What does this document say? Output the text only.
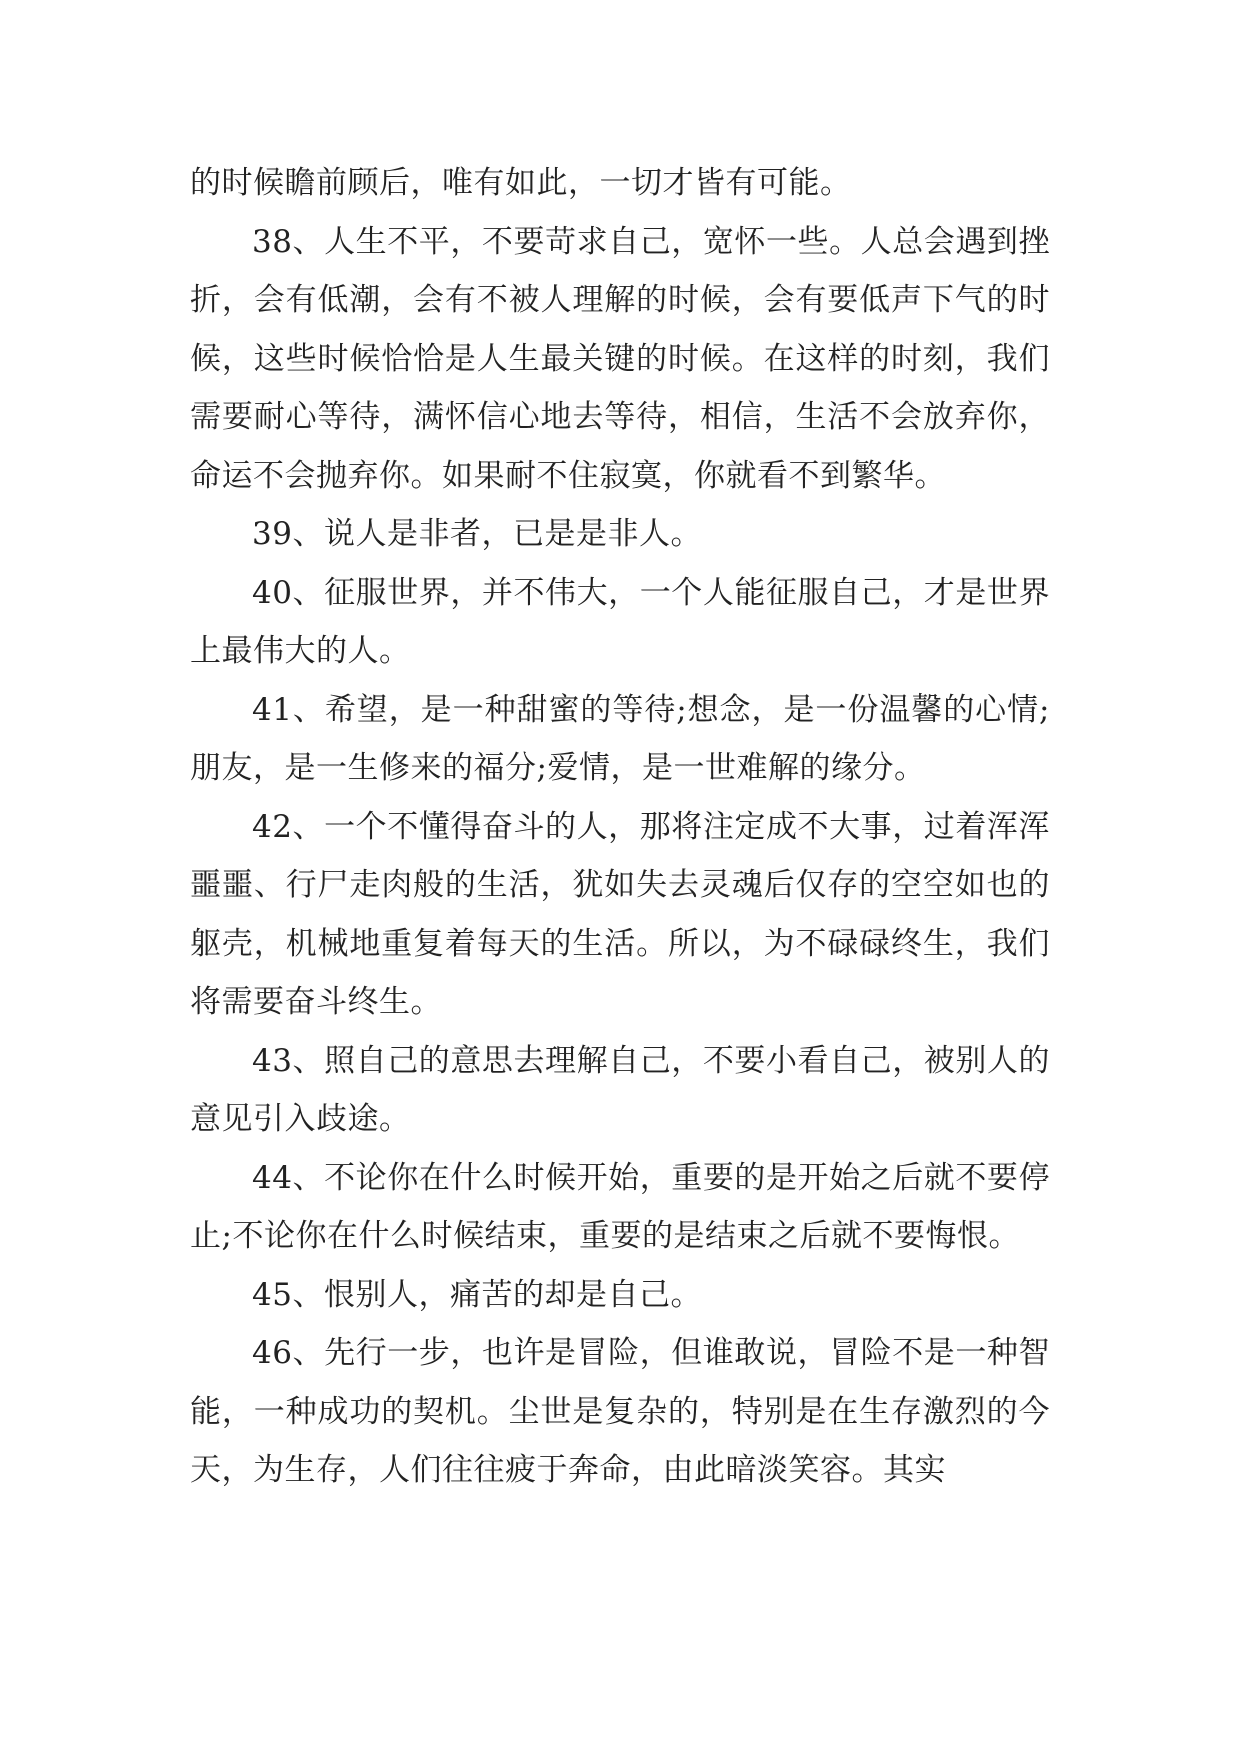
的时候瞻前顾后，唯有如此，一切才皆有可能。

38、人生不平，不要苛求自己，宽怀一些。人总会遇到挫折，会有低潮，会有不被人理解的时候，会有要低声下气的时候，这些时候恰恰是人生最关键的时候。在这样的时刻，我们需要耐心等待，满怀信心地去等待，相信，生活不会放弃你，命运不会抛弃你。如果耐不住寂寞，你就看不到繁华。

39、说人是非者，已是是非人。

40、征服世界，并不伟大，一个人能征服自己，才是世界上最伟大的人。

41、希望，是一种甜蜜的等待;想念，是一份温馨的心情;朋友，是一生修来的福分;爱情，是一世难解的缘分。

42、一个不懂得奋斗的人，那将注定成不大事，过着浑浑噩噩、行尸走肉般的生活，犹如失去灵魂后仅存的空空如也的躯壳，机械地重复着每天的生活。所以，为不碌碌终生，我们将需要奋斗终生。

43、照自己的意思去理解自己，不要小看自己，被别人的意见引入歧途。

44、不论你在什么时候开始，重要的是开始之后就不要停止;不论你在什么时候结束，重要的是结束之后就不要悔恨。

45、恨别人，痛苦的却是自己。

46、先行一步，也许是冒险，但谁敢说，冒险不是一种智能，一种成功的契机。尘世是复杂的，特别是在生存激烈的今天，为生存，人们往往疲于奔命，由此暗淡笑容。其实
